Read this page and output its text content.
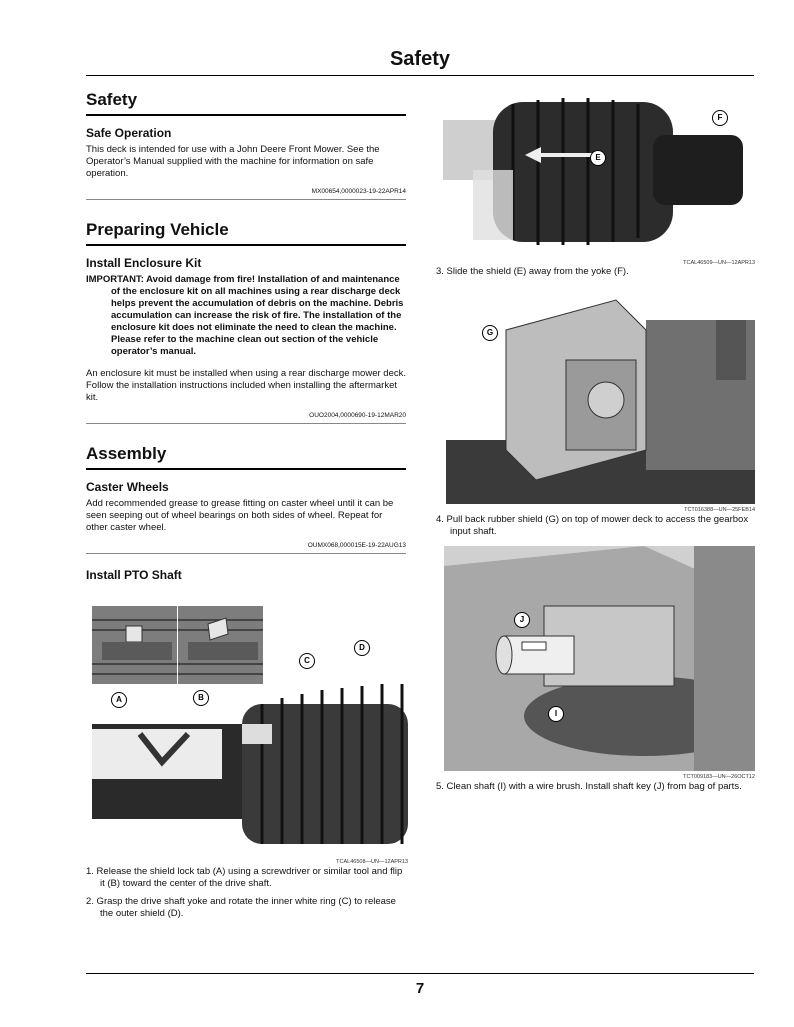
Safety
Safety
Safe Operation

This deck is intended for use with a John Deere Front Mower. See the Operator’s Manual supplied with the machine for information on safe operation.

MX00654,0000023-19-22APR14
Preparing Vehicle
Install Enclosure Kit

IMPORTANT: Avoid damage from fire! Installation of and maintenance of the enclosure kit on all machines using a rear discharge deck helps prevent the accumulation of debris on the machine. Debris accumulation can increase the risk of fire. The installation of the enclosure kit does not eliminate the need to clean the machine. Please refer to the machine clean out section of the vehicle operator’s manual.

An enclosure kit must be installed when using a rear discharge mower deck. Follow the installation instructions included when installing the aftermarket kit.

OUO2004,0000690-19-12MAR20
Assembly
Caster Wheels

Add recommended grease to grease fitting on caster wheel until it can be seen seeping out of wheel bearings on both sides of wheel. Repeat for other caster wheel.

OUMX068,000015E-19-22AUG13
Install PTO Shaft
A	B
C
D
TCAL46508—UN—12APR13

1. Release the shield lock tab (A) using a screwdriver or similar tool and flip it (B) toward the center of the drive shaft.

2. Grasp the drive shaft yoke and rotate the inner white ring (C) to release the outer shield (D).

E
F
TCAL46509—UN—12APR13

3. Slide the shield (E) away from the yoke (F).

G
TCT016388—UN—25FEB14

4. Pull back rubber shield (G) on top of mower deck to access the gearbox input shaft.

J
I
TCT009183—UN—26OCT12

5. Clean shaft (I) with a wire brush. Install shaft key (J) from bag of parts.

7
